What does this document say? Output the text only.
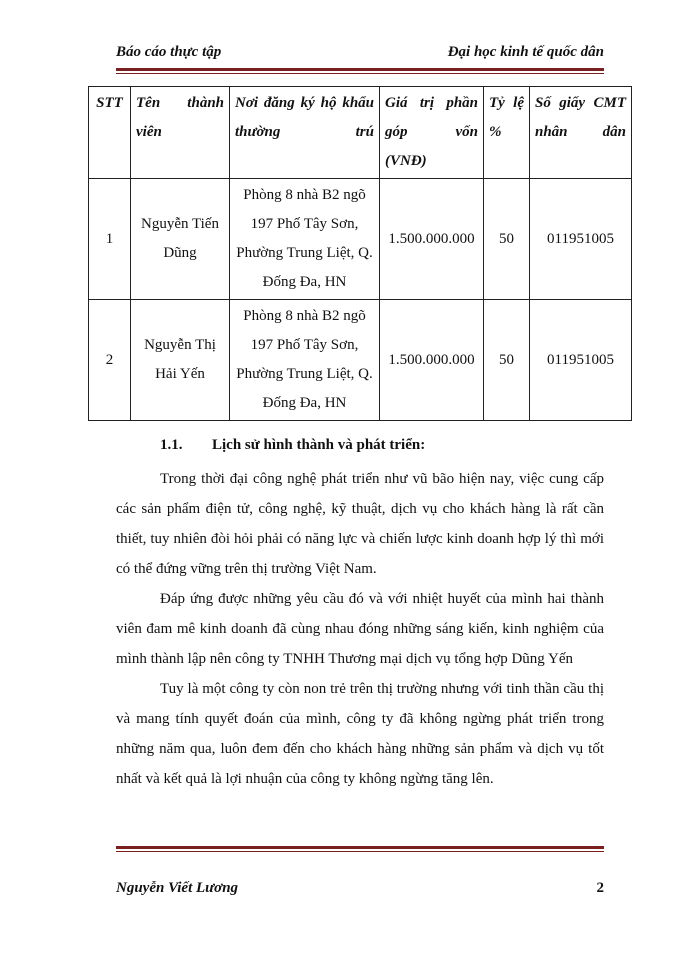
Báo cáo thực tập	Đại học kinh tế quốc dân
STT	Tên thành viên	Nơi đăng ký hộ khẩu thường trú	Giá trị phần góp vốn (VNĐ)	Tỷ lệ %	Số giấy CMT nhân dân
1	Nguyễn Tiến Dũng	Phòng 8 nhà B2 ngõ 197 Phố Tây Sơn, Phường Trung Liệt, Q. Đống Đa, HN	1.500.000.000	50	011951005
2	Nguyễn Thị Hải Yến	Phòng 8 nhà B2 ngõ 197 Phố Tây Sơn, Phường Trung Liệt, Q. Đống Đa, HN	1.500.000.000	50	011951005
1.1. Lịch sử hình thành và phát triển:

Trong thời đại công nghệ phát triển như vũ bão hiện nay, việc cung cấp các sản phẩm điện tử, công nghệ, kỹ thuật, dịch vụ cho khách hàng là rất cần thiết, tuy nhiên đòi hỏi phải có năng lực và chiến lược kinh doanh hợp lý thì mới có thể đứng vững trên thị trường Việt Nam.

Đáp ứng được những yêu cầu đó và với nhiệt huyết của mình hai thành viên đam mê kinh doanh đã cùng nhau đóng những sáng kiến, kinh nghiệm của mình thành lập nên công ty TNHH Thương mại dịch vụ tổng hợp Dũng Yến

Tuy là một công ty còn non trẻ trên thị trường nhưng với tinh thần cầu thị và mang tính quyết đoán của mình, công ty đã không ngừng phát triển trong những năm qua, luôn đem đến cho khách hàng những sản phẩm và dịch vụ tốt nhất và kết quả là lợi nhuận của công ty không ngừng tăng lên.

Nguyễn Viết Lương	2
